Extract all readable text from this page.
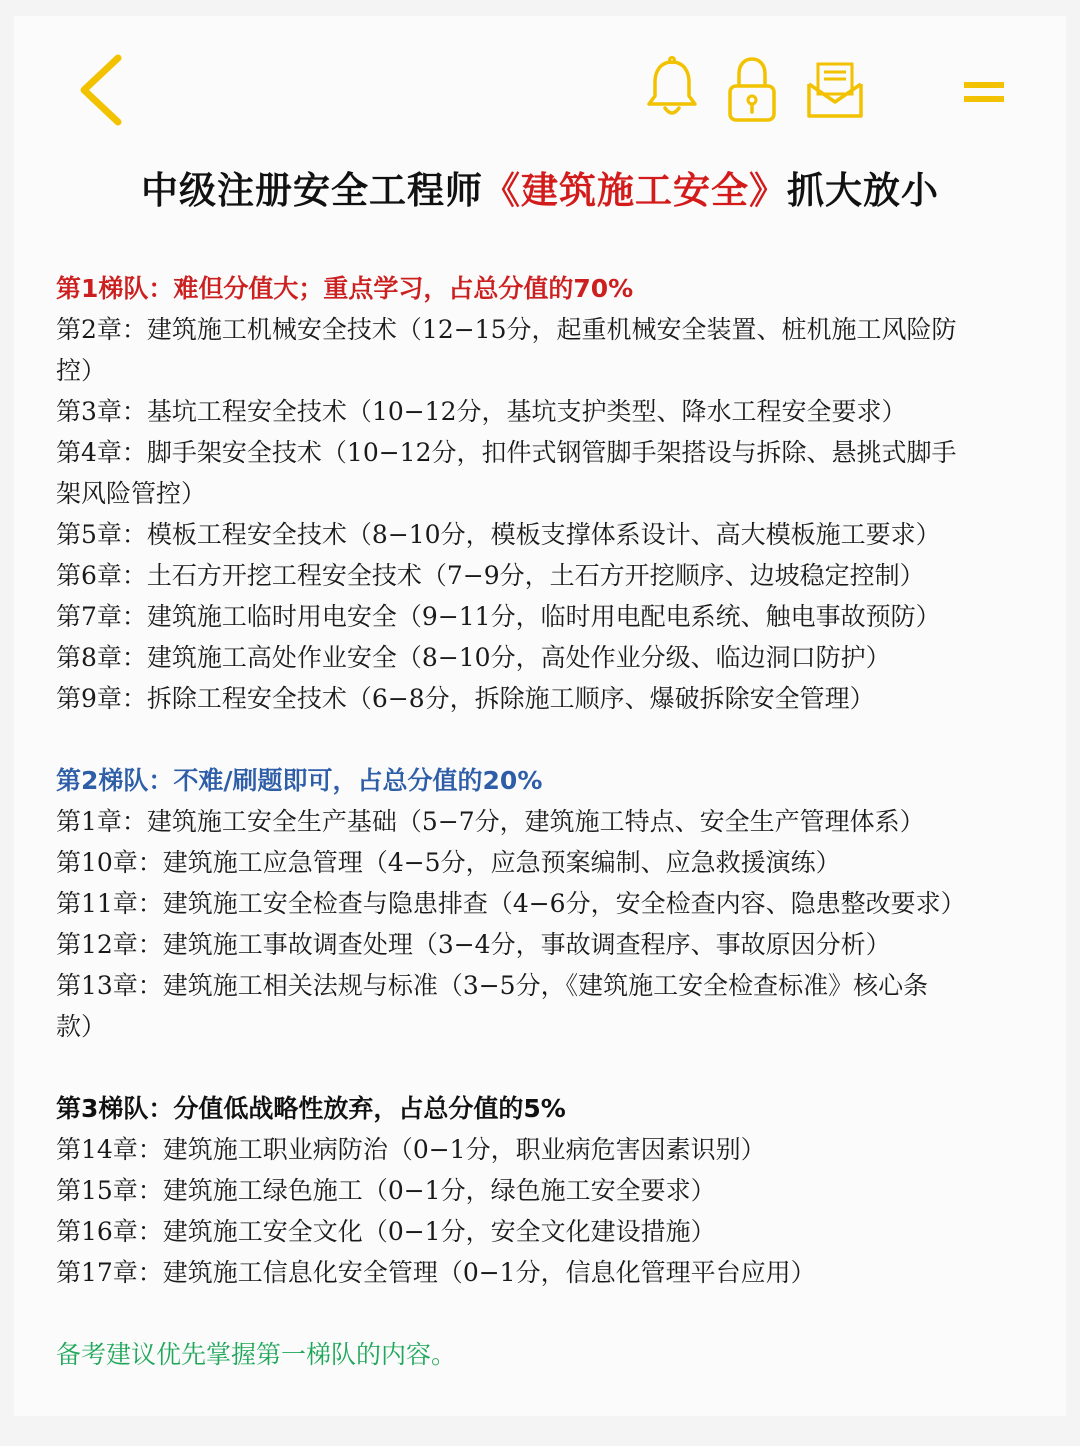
中级注册安全工程师《建筑施工安全》抓大放小
第1梯队：难但分值大；重点学习，占总分值的70%
第2章：建筑施工机械安全技术（12−15分，起重机械安全装置、桩机施工风险防
控）
第3章：基坑工程安全技术（10−12分，基坑支护类型、降水工程安全要求）
第4章：脚手架安全技术（10−12分，扣件式钢管脚手架搭设与拆除、悬挑式脚手
架风险管控）
第5章：模板工程安全技术（8−10分，模板支撑体系设计、高大模板施工要求）
第6章：土石方开挖工程安全技术（7−9分，土石方开挖顺序、边坡稳定控制）
第7章：建筑施工临时用电安全（9−11分，临时用电配电系统、触电事故预防）
第8章：建筑施工高处作业安全（8−10分，高处作业分级、临边洞口防护）
第9章：拆除工程安全技术（6−8分，拆除施工顺序、爆破拆除安全管理）
第2梯队：不难/刷题即可，占总分值的20%
第1章：建筑施工安全生产基础（5−7分，建筑施工特点、安全生产管理体系）
第10章：建筑施工应急管理（4−5分，应急预案编制、应急救援演练）
第11章：建筑施工安全检查与隐患排查（4−6分，安全检查内容、隐患整改要求）
第12章：建筑施工事故调查处理（3−4分，事故调查程序、事故原因分析）
第13章：建筑施工相关法规与标准（3−5分，《建筑施工安全检查标准》核心条
款）
第3梯队：分值低战略性放弃，占总分值的5%
第14章：建筑施工职业病防治（0−1分，职业病危害因素识别）
第15章：建筑施工绿色施工（0−1分，绿色施工安全要求）
第16章：建筑施工安全文化（0−1分，安全文化建设措施）
第17章：建筑施工信息化安全管理（0−1分，信息化管理平台应用）
备考建议优先掌握第一梯队的内容。
